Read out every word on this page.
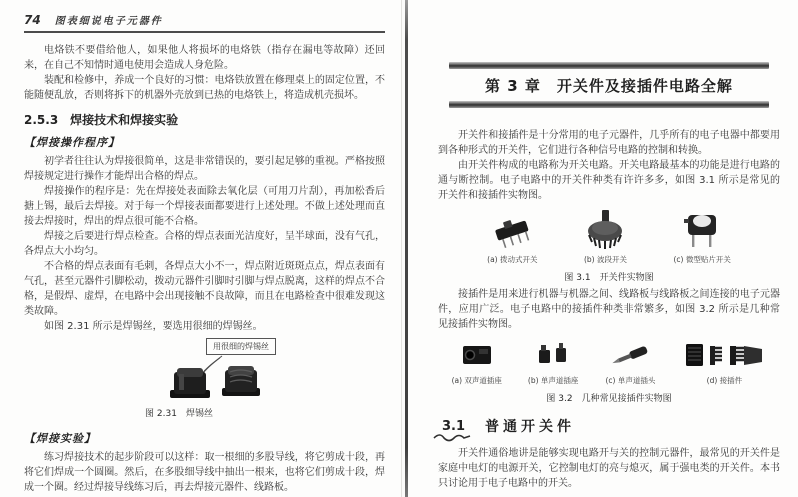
74 图表细说电子元器件

电烙铁不要借给他人，如果他人将损坏的电烙铁（指存在漏电等故障）还回来，在自己不知情时通电使用会造成人身危险。

装配和检修中，养成一个良好的习惯：电烙铁放置在修理桌上的固定位置，不能随便乱放，否则将拆下的机器外壳放到已热的电烙铁上，将造成机壳损坏。

2.5.3　焊接技术和焊接实验
【焊接操作程序】

初学者往往认为焊接很简单，这是非常错误的，要引起足够的重视。严格按照焊接规定进行操作才能焊出合格的焊点。

焊接操作的程序是：先在焊接处表面除去氧化层（可用刀片刮），再加松香后搪上锡，最后去焊接。对于每一个焊接表面都要进行上述处理。不做上述处理而直接去焊接时，焊出的焊点很可能不合格。

焊接之后要进行焊点检查。合格的焊点表面光洁度好，呈半球面，没有气孔，各焊点大小均匀。

不合格的焊点表面有毛刺，各焊点大小不一，焊点附近斑斑点点，焊点表面有气孔，甚至元器件引脚松动，拨动元器件引脚时引脚与焊点脱离，这样的焊点不合格，是假焊、虚焊，在电路中会出现接触不良故障，而且在电路检查中很难发现这类故障。

如图 2.31 所示是焊锡丝，要选用很细的焊锡丝。

用很细的焊锡丝
图 2.31　焊锡丝
【焊接实验】

练习焊接技术的起步阶段可以这样：取一根细的多股导线，将它剪成十段，再将它们焊成一个圆圈。然后，在多股细导线中抽出一根来，也将它们剪成十段，焊成一个圈。经过焊接导线练习后，再去焊接元器件、线路板。

第 3 章　开关件及接插件电路全解

开关件和接插件是十分常用的电子元器件，几乎所有的电子电器中都要用到各种形式的开关件，它们进行各种信号电路的控制和转换。

由开关件构成的电路称为开关电路。开关电路最基本的功能是进行电路的通与断控制。电子电路中的开关件种类有许许多多，如图 3.1 所示是常见的开关件和接插件实物图。

(a) 拨动式开关	(b) 波段开关	(c) 微型贴片开关
图 3.1　开关件实物图

接插件是用来进行机器与机器之间、线路板与线路板之间连接的电子元器件，应用广泛。电子电路中的接插件种类非常繁多，如图 3.2 所示是几种常见接插件实物图。

(a) 双声道插座	(b) 单声道插座	(c) 单声道插头	(d) 接插件
图 3.2　几种常见接插件实物图
3.1 普通开关件

开关件通俗地讲是能够实现电路开与关的控制元器件，最常见的开关件是家庭中电灯的电源开关，它控制电灯的亮与熄灭，属于强电类的开关件。本书只讨论用于电子电路中的开关。
